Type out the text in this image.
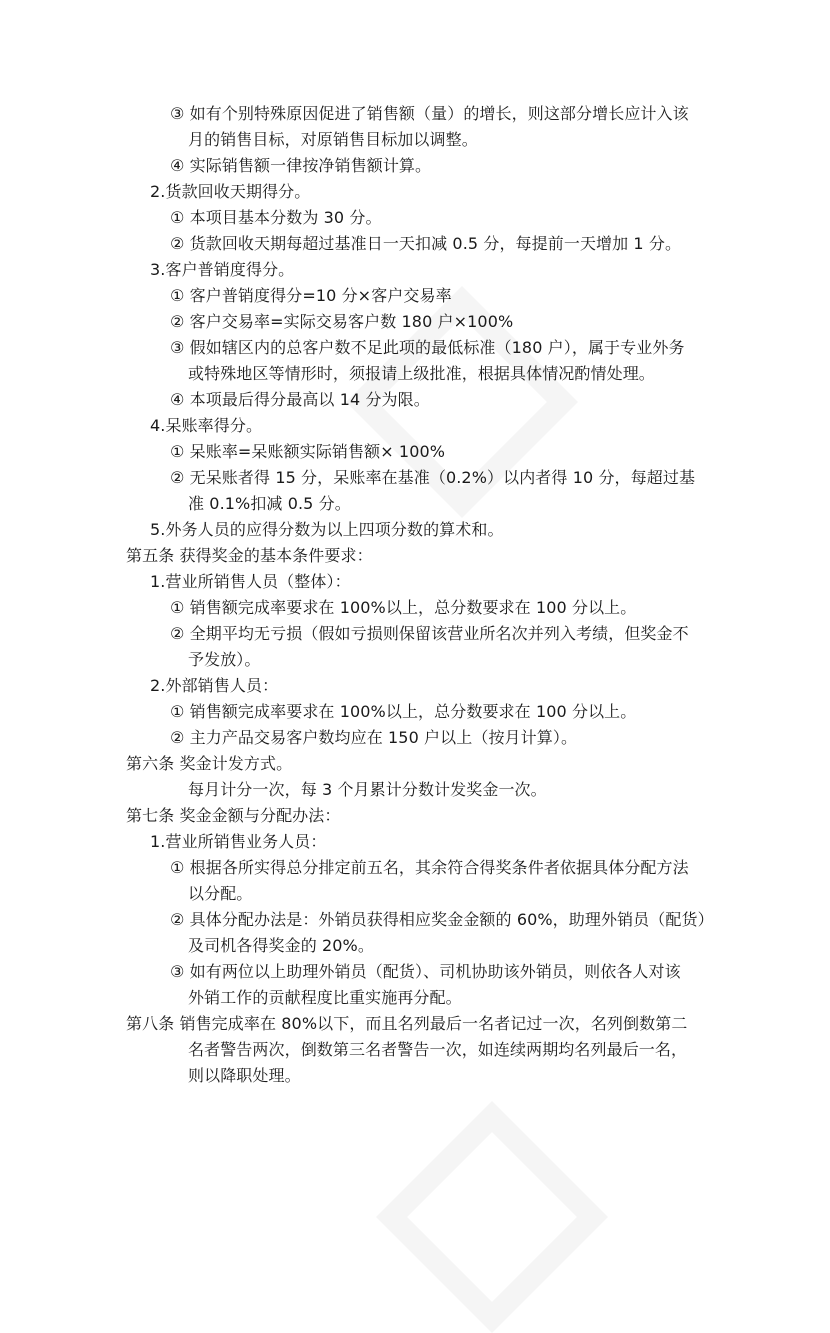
③ 如有个别特殊原因促进了销售额（量）的增长，则这部分增长应计入该
月的销售目标，对原销售目标加以调整。
④ 实际销售额一律按净销售额计算。
2.货款回收天期得分。
① 本项目基本分数为 30 分。
② 货款回收天期每超过基准日一天扣减 0.5 分，每提前一天增加 1 分。
3.客户普销度得分。
① 客户普销度得分=10 分×客户交易率
② 客户交易率=实际交易客户数 180 户×100%
③ 假如辖区内的总客户数不足此项的最低标准（180 户），属于专业外务
或特殊地区等情形时，须报请上级批准，根据具体情况酌情处理。
④ 本项最后得分最高以 14 分为限。
4.呆账率得分。
① 呆账率=呆账额实际销售额× 100%
② 无呆账者得 15 分，呆账率在基准（0.2%）以内者得 10 分，每超过基
准 0.1%扣减 0.5 分。
5.外务人员的应得分数为以上四项分数的算术和。
第五条 获得奖金的基本条件要求：
1.营业所销售人员（整体）：
① 销售额完成率要求在 100%以上，总分数要求在 100 分以上。
② 全期平均无亏损（假如亏损则保留该营业所名次并列入考绩，但奖金不
予发放）。
2.外部销售人员：
① 销售额完成率要求在 100%以上，总分数要求在 100 分以上。
② 主力产品交易客户数均应在 150 户以上（按月计算）。
第六条 奖金计发方式。
每月计分一次，每 3 个月累计分数计发奖金一次。
第七条 奖金金额与分配办法：
1.营业所销售业务人员：
① 根据各所实得总分排定前五名，其余符合得奖条件者依据具体分配方法
以分配。
② 具体分配办法是：外销员获得相应奖金金额的 60%，助理外销员（配货）
及司机各得奖金的 20%。
③ 如有两位以上助理外销员（配货）、司机协助该外销员，则依各人对该
外销工作的贡献程度比重实施再分配。
第八条 销售完成率在 80%以下，而且名列最后一名者记过一次，名列倒数第二
名者警告两次，倒数第三名者警告一次，如连续两期均名列最后一名，
则以降职处理。
